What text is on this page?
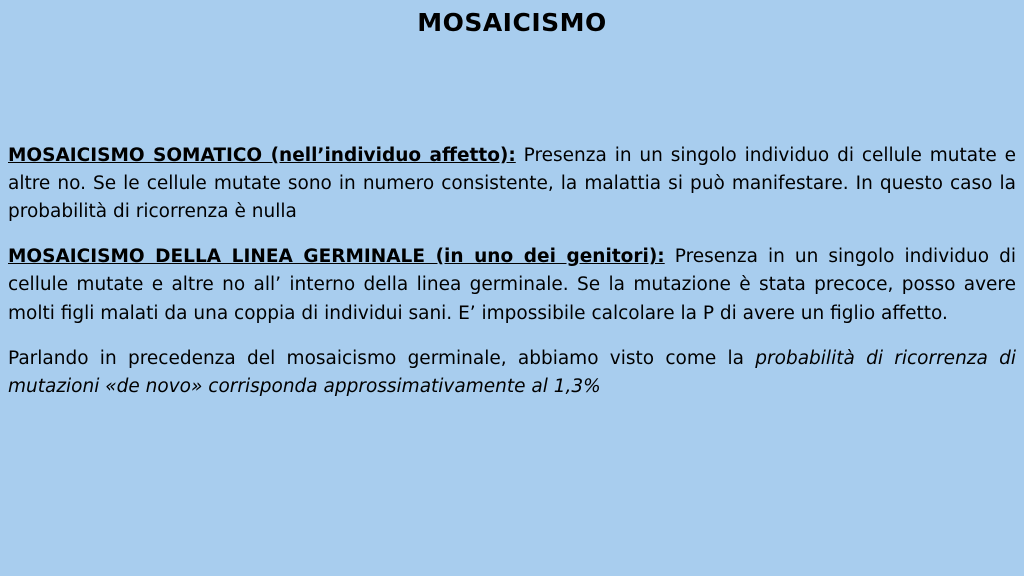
MOSAICISMO

MOSAICISMO SOMATICO (nell’individuo affetto): Presenza in un singolo individuo di cellule mutate e altre no. Se le cellule mutate sono in numero consistente, la malattia si può manifestare. In questo caso la probabilità di ricorrenza è nulla

MOSAICISMO DELLA LINEA GERMINALE (in uno dei genitori): Presenza in un singolo individuo di cellule mutate e altre no all’ interno della linea germinale. Se la mutazione è stata precoce, posso avere molti figli malati da una coppia di individui sani. E’ impossibile calcolare la P di avere un figlio affetto.

Parlando in precedenza del mosaicismo germinale, abbiamo visto come la probabilità di ricorrenza di mutazioni «de novo» corrisponda approssimativamente al 1,3%
